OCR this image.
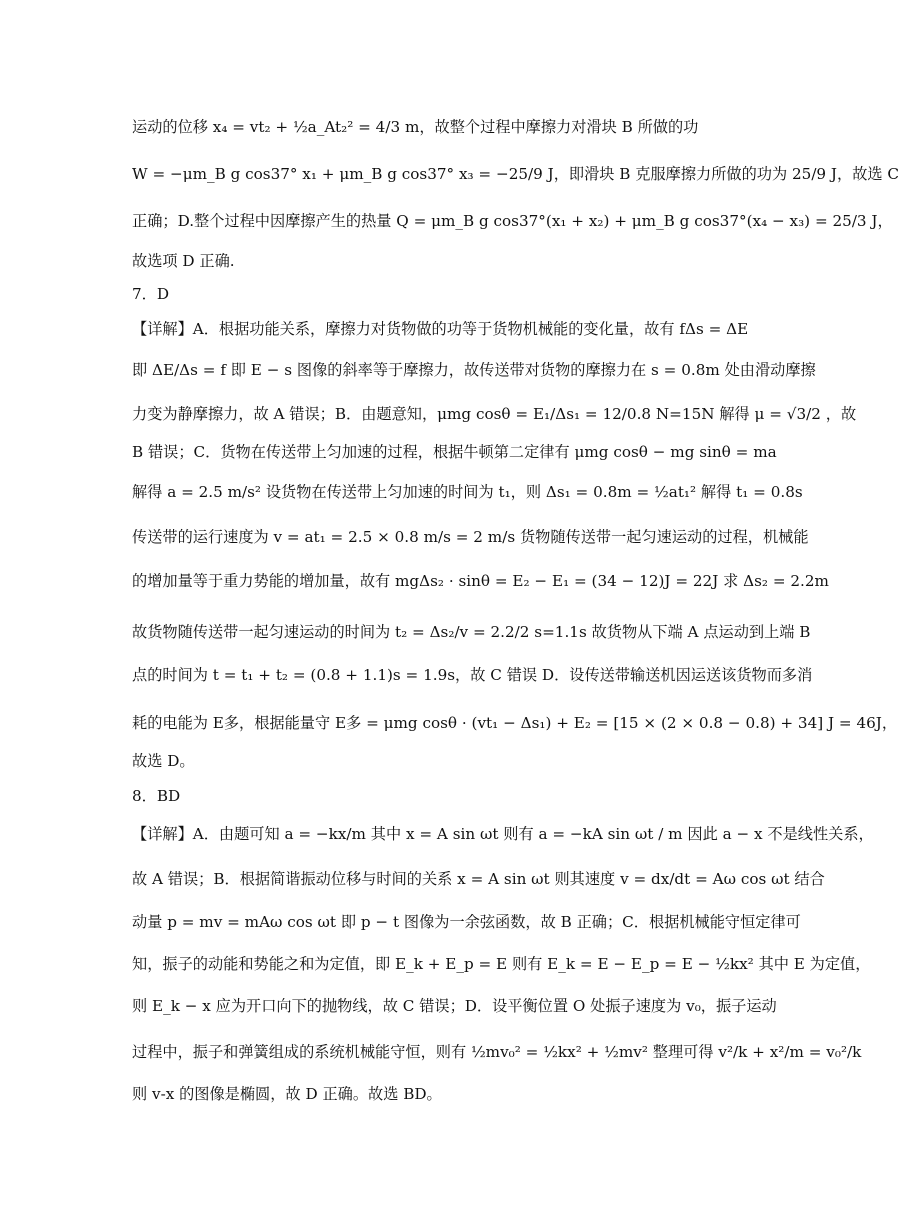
运动的位移 x₄ = vt₂ + ½a_At₂² = 4/3 m，故整个过程中摩擦力对滑块 B 所做的功
W = −μm_B g cos37° x₁ + μm_B g cos37° x₃ = −25/9 J，即滑块 B 克服摩擦力所做的功为 25/9 J，故选 C
正确；D.整个过程中因摩擦产生的热量 Q = μm_B g cos37°(x₁ + x₂) + μm_B g cos37°(x₄ − x₃) = 25/3 J，
故选项 D 正确.
7．D
【详解】A．根据功能关系，摩擦力对货物做的功等于货物机械能的变化量，故有 fΔs = ΔE
即 ΔE/Δs = f 即 E − s 图像的斜率等于摩擦力，故传送带对货物的摩擦力在 s = 0.8m 处由滑动摩擦
力变为静摩擦力，故 A 错误；B．由题意知，μmg cosθ = E₁/Δs₁ = 12/0.8 N=15N 解得 μ = √3/2 ，故
B 错误；C．货物在传送带上匀加速的过程，根据牛顿第二定律有 μmg cosθ − mg sinθ = ma
解得 a = 2.5 m/s² 设货物在传送带上匀加速的时间为 t₁，则 Δs₁ = 0.8m = ½at₁² 解得 t₁ = 0.8s
传送带的运行速度为 v = at₁ = 2.5 × 0.8 m/s = 2 m/s 货物随传送带一起匀速运动的过程，机械能
的增加量等于重力势能的增加量，故有 mgΔs₂ · sinθ = E₂ − E₁ = (34 − 12)J = 22J 求 Δs₂ = 2.2m
故货物随传送带一起匀速运动的时间为 t₂ = Δs₂/v = 2.2/2 s=1.1s 故货物从下端 A 点运动到上端 B
点的时间为 t = t₁ + t₂ = (0.8 + 1.1)s = 1.9s，故 C 错误 D．设传送带输送机因运送该货物而多消
耗的电能为 E多，根据能量守 E多 = μmg cosθ · (vt₁ − Δs₁) + E₂ = [15 × (2 × 0.8 − 0.8) + 34] J = 46J，
故选 D。
8．BD
【详解】A．由题可知 a = −kx/m 其中 x = A sin ωt 则有 a = −kA sin ωt / m 因此 a − x 不是线性关系，
故 A 错误；B．根据简谐振动位移与时间的关系 x = A sin ωt 则其速度 v = dx/dt = Aω cos ωt 结合
动量 p = mv = mAω cos ωt 即 p − t 图像为一余弦函数，故 B 正确；C．根据机械能守恒定律可
知，振子的动能和势能之和为定值，即 E_k + E_p = E 则有 E_k = E − E_p = E − ½kx² 其中 E 为定值，
则 E_k − x 应为开口向下的抛物线，故 C 错误；D．设平衡位置 O 处振子速度为 v₀，振子运动
过程中，振子和弹簧组成的系统机械能守恒，则有 ½mv₀² = ½kx² + ½mv² 整理可得 v²/k + x²/m = v₀²/k
则 v-x 的图像是椭圆，故 D 正确。故选 BD。
